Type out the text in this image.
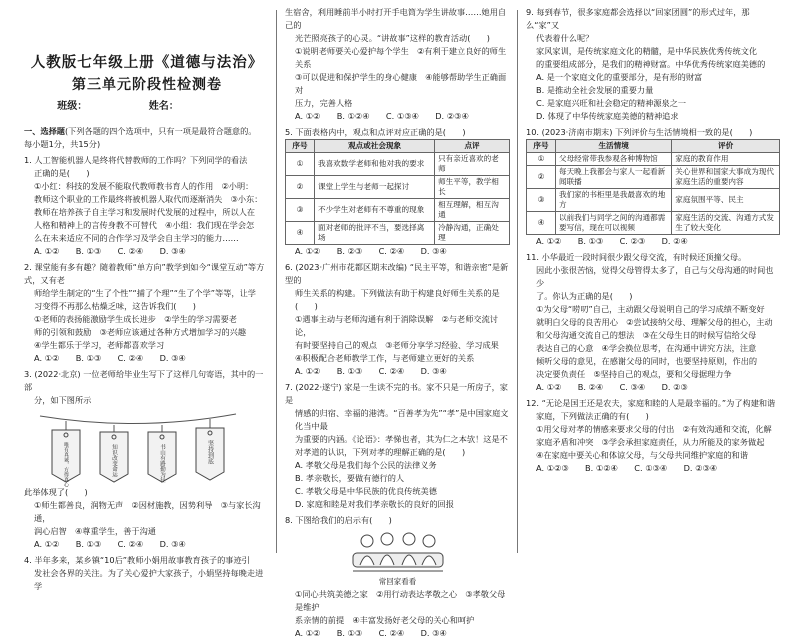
人教版七年级上册《道德与法治》
第三单元阶段性检测卷
班级：	姓名：

一、选择题(下列各题的四个选项中，只有一项是最符合题意的。

每小题1分，共15分)

1. 人工智能机器人是终将代替教师的工作吗？下列同学的看法

正确的是(　　)

①小红：科技的发展不能取代教师教书育人的作用　②小明：

教师这个职业的工作最终将被机器人取代而逐渐消失　③小东：

教师在培养孩子自主学习和发展时代发展的过程中，所以人在

人格和精神上的言传身教不可替代　④小组：我们现在学会怎

么在未来适应不同的合作学习及学会自主学习的能力……

A. ①②　　B. ①③　　C. ②④　　D. ③④

2. 课堂能有多有趣？随着教师“单方向”教学到如今“课堂互动”等方式，又有老

师给学生制定的“生了个性”“捕了个理”“生了个学”等等，让学

习变得不再那么枯燥乏味，这告诉我们(　　)

①老师的表扬能激励学生成长进步　②学生的学习需要老

师的引领和鼓励　③老师应该通过各种方式增加学习的兴趣

④学生都乐于学习，老师都喜欢学习

A. ①②　　B. ①③　　C. ②④　　D. ③④

3. (2022·北京) 一位老师给毕业生写下了这样几句寄语，其中的一部

分，如下图所示

唯有真诚，方得真心	知识改变命运	书山有路勤为径	坚持到底

此举体现了(　　)

①师生都善良，润物无声　②因材施教，因势利导　③与家长沟通，

润心启智　④尊重学生，善于沟通

A. ①②　　B. ①③　　C. ②④　　D. ③④

4. 半年多来，某乡镇“10后”教师小娟用故事教育孩子的事迹引

发社会各界的关注。为了关心爱护大家孩子，小娟坚持每晚走进学

生宿舍，利用睡前半小时打开手电筒为学生讲故事……她用自己的

光芒照亮孩子的心灵。“讲故事”这样的教育活动(　　)

①说明老师要关心爱护每个学生　②有利于建立良好的师生关系

③可以促进和保护学生的身心健康　④能够帮助学生正确面对

压力，完善人格

A. ①②　　B. ①②④　　C. ①③④　　D. ②③④

5. 下面表格内中，观点和点评对应正确的是(　　)

序号	观点或社会现象	点评
①	我喜欢数学老师和他对我的要求	只有亲近喜欢的老师
②	课堂上学生与老师一起探讨	师生平等，教学相长
③	不少学生对老师有不尊重的现象	相互理解，相互沟通
④	面对老师的批评不当，要选择离场	冷静沟通，正确处理

A. ①②　　B. ②③　　C. ②④　　D. ③④

6. (2023·广州市花都区期末改编) “民主平等，和谐亲密”是新型的

师生关系的构建。下列做法有助于构建良好师生关系的是(　　)

①遇事主动与老师沟通有利于消除误解　②与老师交流讨论，

有时要坚持自己的观点　③老师分享学习经验、学习成果

④积极配合老师教学工作，与老师建立更好的关系

A. ①②　　B. ①③　　C. ②④　　D. ③④

7. (2022·遂宁) 家是一生读不完的书。家不只是一所房子，家是

情感的归宿、幸福的港湾。“百善孝为先”“孝”是中国家庭文化当中最

为重要的内涵。《论语》：孝悌也者，其为仁之本欤！这是不

对孝道的认识，下列对孝的理解正确的是(　　)

A. 孝敬父母是我们每个公民的法律义务

B. 孝亲敬长，要做有德行的人

C. 孝敬父母是中华民族的优良传统美德

D. 家庭和睦是对我们孝亲敬长的良好的回报

8. 下图给我们的启示有(　　)

常回家看看

①同心共筑美德之家　②用行动表达孝敬之心　③孝敬父母是维护

系亲情的前提　④丰富发扬好老父母的关心和呵护

A. ①②　　B. ①③　　C. ②④　　D. ③④

9. 每到春节，很多家庭都会选择以“回家团圆”的形式过年，那么“家”又

代表着什么呢？

家风家训，是传统家庭文化的精髓，是中华民族优秀传统文化

的重要组成部分，是我们的精神财富。中华优秀传统家庭美德的

A. 是一个家庭文化的重要部分，是有形的财富

B. 是推动全社会发展的重要力量

C. 是家庭兴旺和社会稳定的精神源泉之一

D. 体现了中华传统家庭美德的精神追求

10. (2023·济南市期末) 下列评价与生活情境相一致的是(　　)

序号	生活情境	评价
①	父母经常带我参观各种博物馆	家庭的教育作用
②	每天晚上我都会与家人一起看新闻联播	关心世界和国家大事成为现代家庭生活的重要内容
③	我们家的书柜里是我最喜欢的地方	家庭氛围平等、民主
④	以前我们与同学之间的沟通都需要写信，现在可以视频	家庭生活的交流、沟通方式发生了较大变化

A. ①②　　B. ①③　　C. ②③　　D. ②④

11. 小华最近一段时间很少跟父母交流，有时候还顶撞父母。

因此小张很苦恼，觉得父母管得太多了，自己与父母沟通的时间也少

了。你认为正确的是(　　)

①为父母“唠叨”自己，主动跟父母说明自己的学习成绩不断变好

就明白父母的良苦用心　②尝试接纳父母、理解父母的担心，主动

和父母沟通交流自己的想法　③在父母生日的时候写信给父母

表达自己的心意　④学会换位思考，在沟通中讲究方法，注意

倾听父母的意见，在感谢父母的同时，也要坚持原则，作出的

决定要负责任　⑤坚持自己的观点，要和父母据理力争

A. ①②　　B. ②④　　C. ③④　　D. ②③

12. “无论是国王还是农夫，家庭和睦的人是最幸福的。”为了构建和谐

家庭，下列做法正确的有(　　)

①用父母对孝的情感来要求父母的付出　②有效沟通和交流，化解

家庭矛盾和冲突　③学会承担家庭责任，从力所能及的家务做起

④在家庭中要关心和体谅父母，与父母共同维护家庭的和谐

A. ①②③　　B. ①②④　　C. ①③④　　D. ②③④
